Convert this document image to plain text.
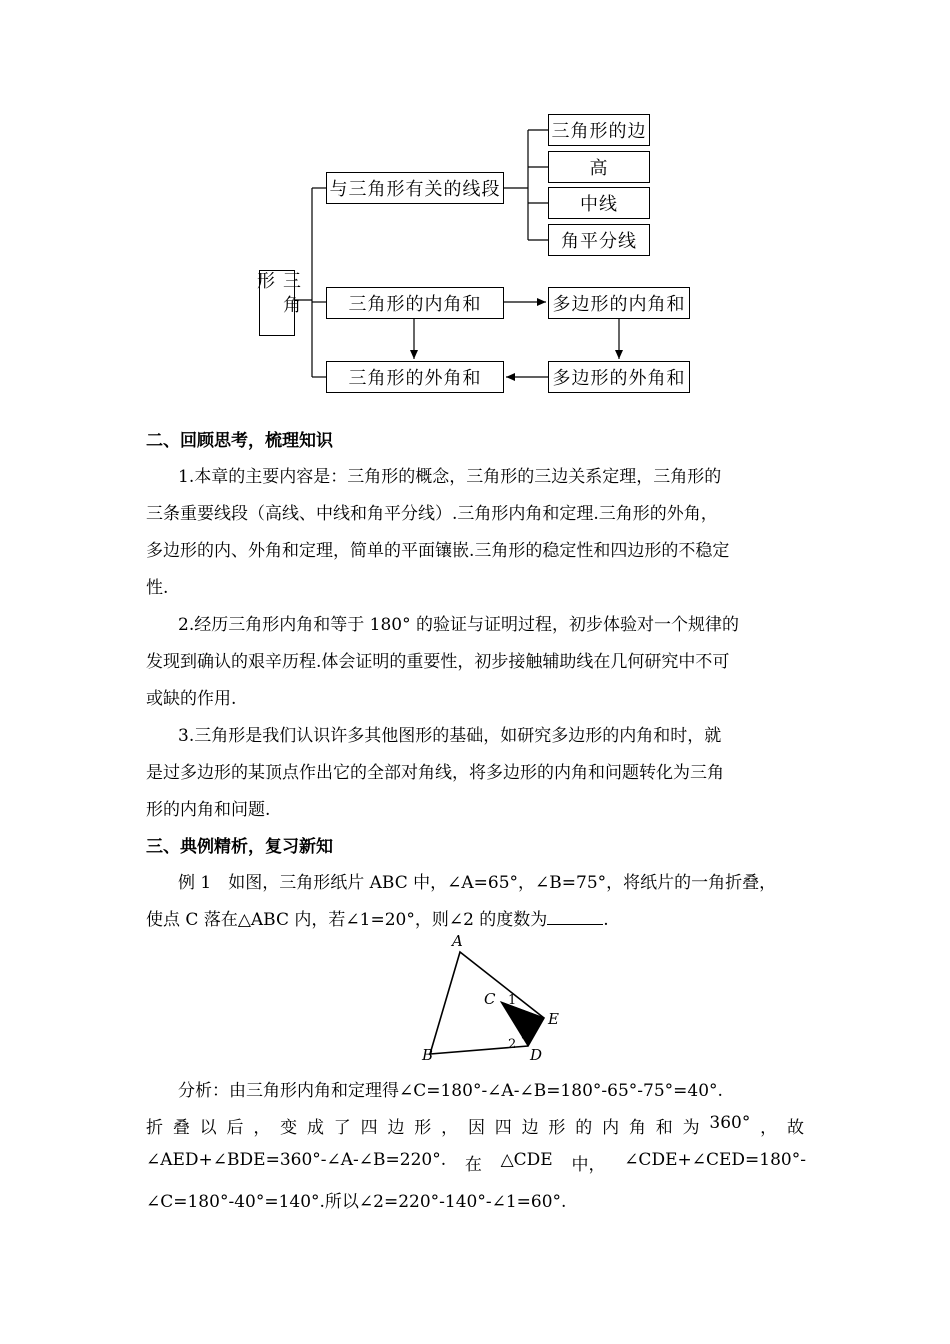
三角形
与三角形有关的线段
三角形的边
高
中线
角平分线
三角形的内角和
三角形的外角和
多边形的内角和
多边形的外角和
二、回顾思考，梳理知识
1.本章的主要内容是：三角形的概念，三角形的三边关系定理，三角形的
三条重要线段（高线、中线和角平分线）.三角形内角和定理.三角形的外角，
多边形的内、外角和定理，简单的平面镶嵌.三角形的稳定性和四边形的不稳定
性.
2.经历三角形内角和等于 180° 的验证与证明过程，初步体验对一个规律的
发现到确认的艰辛历程.体会证明的重要性，初步接触辅助线在几何研究中不可
或缺的作用.
3.三角形是我们认识许多其他图形的基础，如研究多边形的内角和时，就
是过多边形的某顶点作出它的全部对角线，将多边形的内角和问题转化为三角
形的内角和问题.
三、典例精析，复习新知
例 1　如图，三角形纸片 ABC 中，∠A=65°，∠B=75°，将纸片的一角折叠，
使点 C 落在△ABC 内，若∠1=20°，则∠2 的度数为	.
A
B
C
D
E
1
2
分析：由三角形内角和定理得∠C=180°-∠A-∠B=180°-65°-75°=40°.
折 叠 以 后 ， 变 成 了 四 边 形 ， 因 四 边 形 的 内 角 和 为 360° ， 故
∠AED+∠BDE=360°-∠A-∠B=220°. 在 △CDE 中， ∠CDE+∠CED=180°-
∠C=180°-40°=140°.所以∠2=220°-140°-∠1=60°.
